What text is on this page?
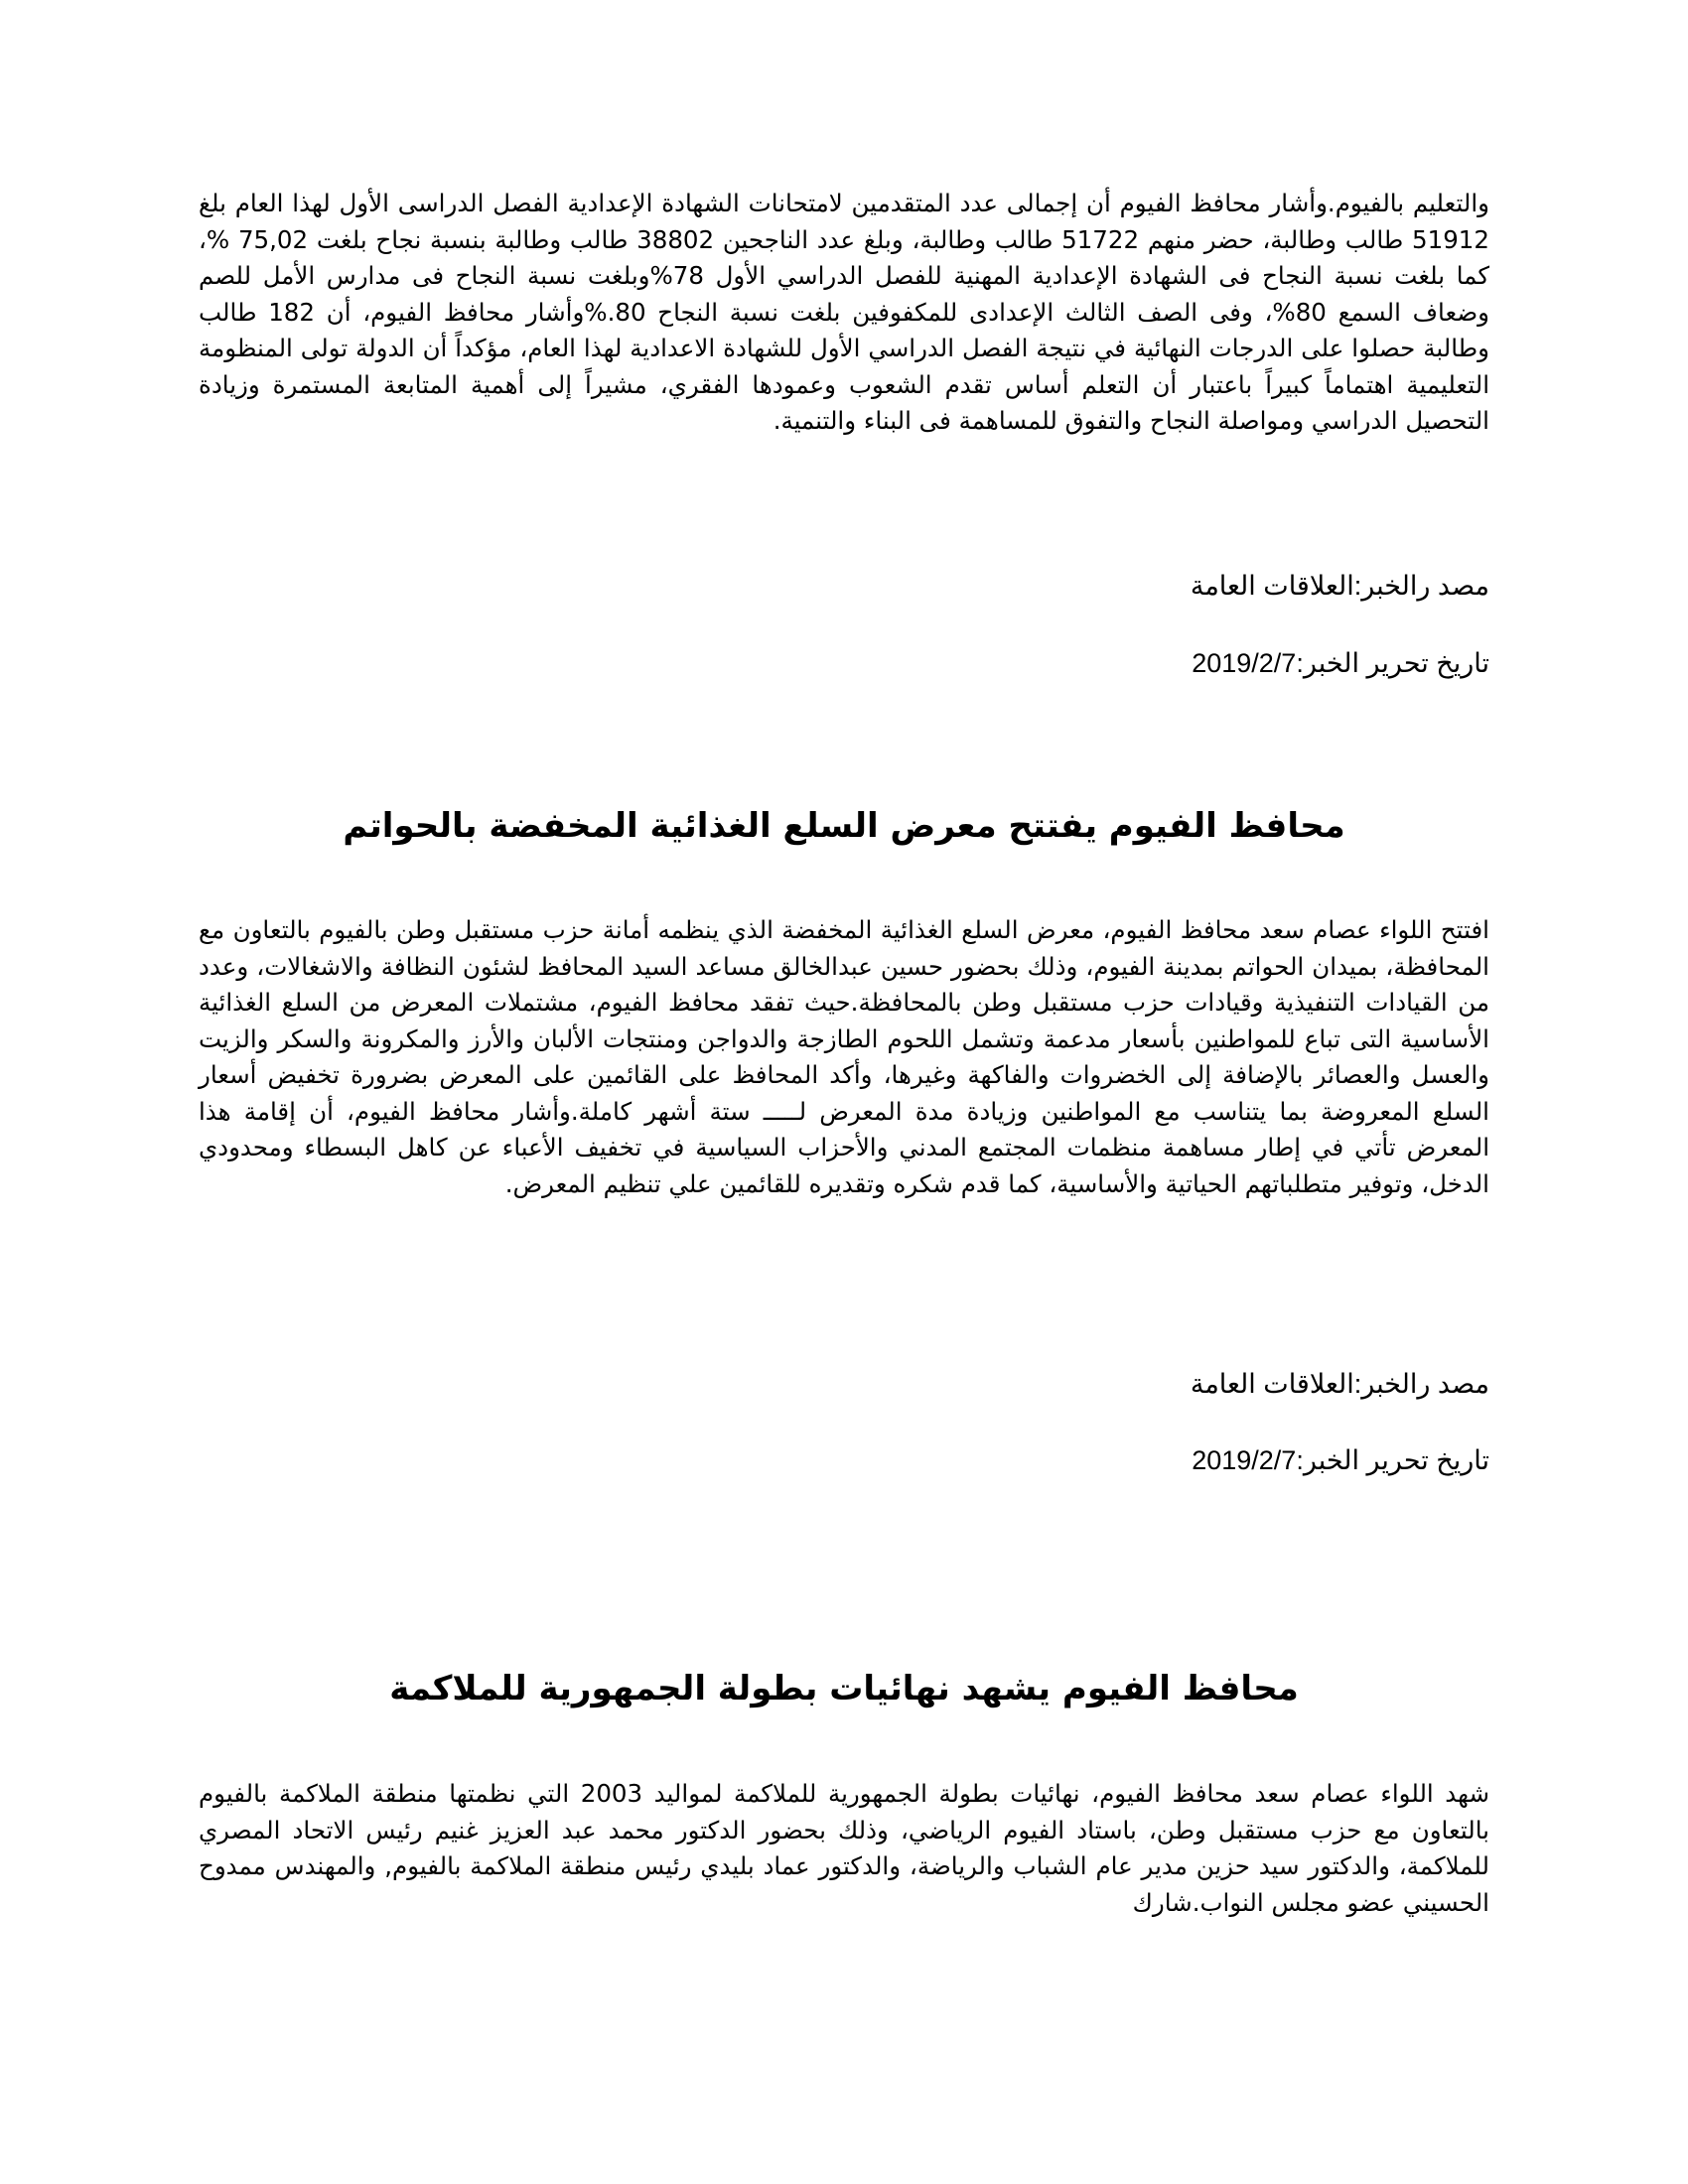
والتعليم بالفيوم.وأشار محافظ الفيوم أن إجمالى عدد المتقدمين لامتحانات الشهادة الإعدادية الفصل الدراسى الأول لهذا العام بلغ 51912 طالب وطالبة، حضر منهم 51722 طالب وطالبة، وبلغ عدد الناجحين 38802 طالب وطالبة بنسبة نجاح بلغت 75,02 %، كما بلغت نسبة النجاح فى الشهادة الإعدادية المهنية للفصل الدراسي الأول 78%وبلغت نسبة النجاح فى مدارس الأمل للصم وضعاف السمع 80%، وفى الصف الثالث الإعدادى للمكفوفين بلغت نسبة النجاح 80.%وأشار محافظ الفيوم، أن 182 طالب وطالبة حصلوا على الدرجات النهائية في نتيجة الفصل الدراسي الأول للشهادة الاعدادية لهذا العام، مؤكداً أن الدولة تولى المنظومة التعليمية اهتماماً كبيراً باعتبار أن التعلم أساس تقدم الشعوب وعمودها الفقري، مشيراً إلى أهمية المتابعة المستمرة وزيادة التحصيل الدراسي ومواصلة النجاح والتفوق للمساهمة فى البناء والتنمية.

مصد رالخبر:العلاقات العامة

تاريخ تحرير الخبر:2019/2/7

محافظ الفيوم يفتتح معرض السلع الغذائية المخفضة بالحواتم

افتتح اللواء عصام سعد محافظ الفيوم، معرض السلع الغذائية المخفضة الذي ينظمه أمانة حزب مستقبل وطن بالفيوم بالتعاون مع المحافظة، بميدان الحواتم بمدينة الفيوم، وذلك بحضور حسين عبدالخالق مساعد السيد المحافظ لشئون النظافة والاشغالات، وعدد من القيادات التنفيذية وقيادات حزب مستقبل وطن بالمحافظة.حيث تفقد محافظ الفيوم، مشتملات المعرض من السلع الغذائية الأساسية التى تباع للمواطنين بأسعار مدعمة وتشمل اللحوم الطازجة والدواجن ومنتجات الألبان والأرز والمكرونة والسكر والزيت والعسل والعصائر بالإضافة إلى الخضروات والفاكهة وغيرها، وأكد المحافظ على القائمين على المعرض بضرورة تخفيض أسعار السلع المعروضة بما يتناسب مع المواطنين وزيادة مدة المعرض لـــــ ستة أشهر كاملة.وأشار محافظ الفيوم، أن إقامة هذا المعرض تأتي في إطار مساهمة منظمات المجتمع المدني والأحزاب السياسية في تخفيف الأعباء عن كاهل البسطاء ومحدودي الدخل، وتوفير متطلباتهم الحياتية والأساسية، كما قدم شكره وتقديره للقائمين علي تنظيم المعرض.

مصد رالخبر:العلاقات العامة

تاريخ تحرير الخبر:2019/2/7

محافظ الفيوم يشهد نهائيات بطولة الجمهورية للملاكمة

شهد اللواء عصام سعد محافظ الفيوم، نهائيات بطولة الجمهورية للملاكمة لمواليد 2003 التي نظمتها منطقة الملاكمة بالفيوم بالتعاون مع حزب مستقبل وطن، باستاد الفيوم الرياضي، وذلك بحضور الدكتور محمد عبد العزيز غنيم رئيس الاتحاد المصري للملاكمة، والدكتور سيد حزين مدير عام الشباب والرياضة، والدكتور عماد بليدي رئيس منطقة الملاكمة بالفيوم, والمهندس ممدوح الحسيني عضو مجلس النواب.شارك
